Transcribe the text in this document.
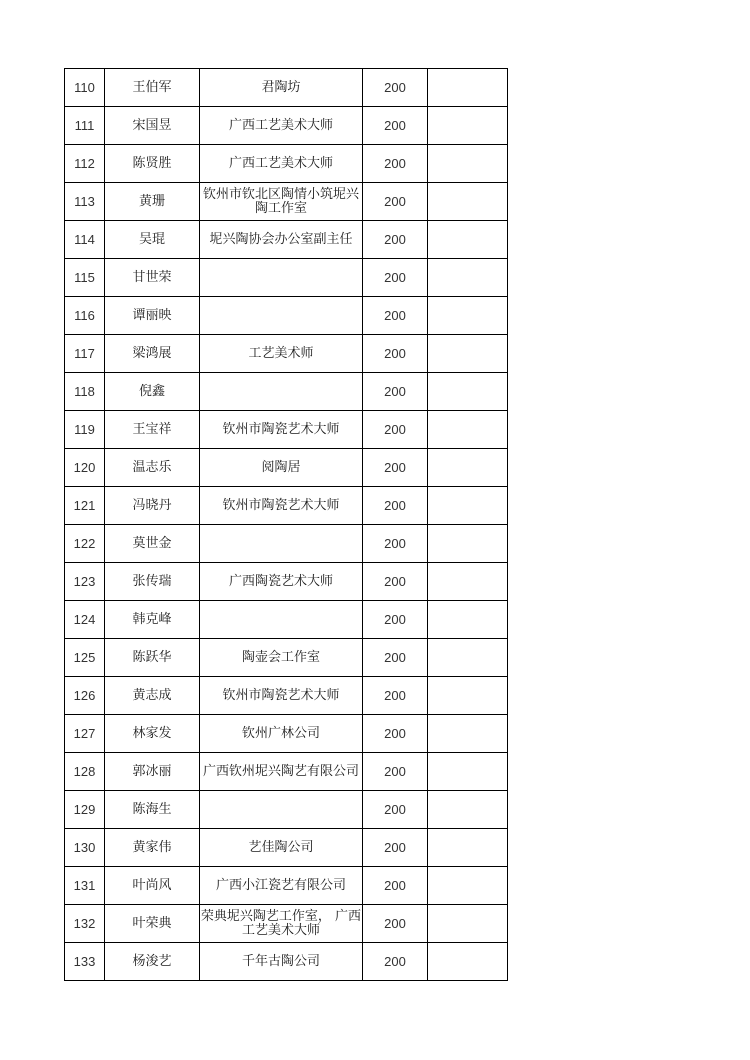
110	王伯军	君陶坊	200	
111	宋国昱	广西工艺美术大师	200	
112	陈贤胜	广西工艺美术大师	200	
113	黄珊	钦州市钦北区陶情小筑坭兴陶工作室	200	
114	吴琨	坭兴陶协会办公室副主任	200	
115	甘世荣		200	
116	谭丽映		200	
117	梁鸿展	工艺美术师	200	
118	倪鑫		200	
119	王宝祥	钦州市陶瓷艺术大师	200	
120	温志乐	阅陶居	200	
121	冯晓丹	钦州市陶瓷艺术大师	200	
122	莫世金		200	
123	张传瑞	广西陶瓷艺术大师	200	
124	韩克峰		200	
125	陈跃华	陶壶会工作室	200	
126	黄志成	钦州市陶瓷艺术大师	200	
127	林家发	钦州广林公司	200	
128	郭冰丽	广西钦州坭兴陶艺有限公司	200	
129	陈海生		200	
130	黄家伟	艺佳陶公司	200	
131	叶尚风	广西小江瓷艺有限公司	200	
132	叶荣典	荣典坭兴陶艺工作室， 广西工艺美术大师	200	
133	杨浚艺	千年古陶公司	200	
